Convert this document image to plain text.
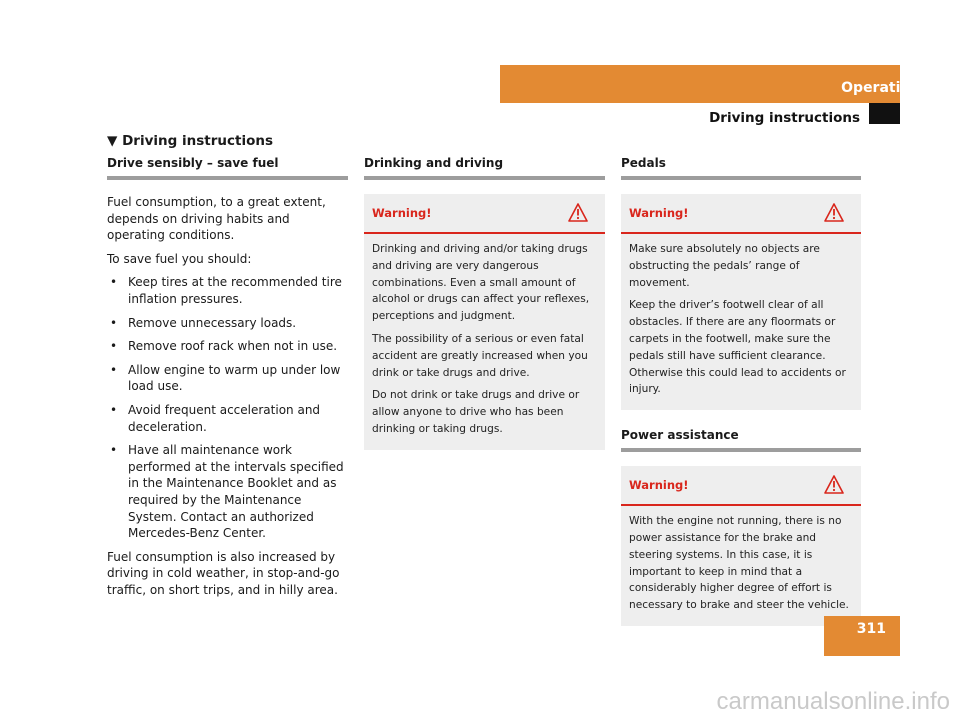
Operation
Driving instructions
▼ Driving instructions
Drive sensibly – save fuel

Fuel consumption, to a great extent, depends on driving habits and operating conditions.

To save fuel you should:

• Keep tires at the recommended tire inflation pressures.
• Remove unnecessary loads.
• Remove roof rack when not in use.
• Allow engine to warm up under low load use.
• Avoid frequent acceleration and deceleration.
• Have all maintenance work performed at the intervals specified in the Maintenance Booklet and as required by the Maintenance System. Contact an authorized Mercedes-Benz Center.

Fuel consumption is also increased by driving in cold weather, in stop-and-go traffic, on short trips, and in hilly area.

Drinking and driving
Warning!

Drinking and driving and/or taking drugs and driving are very dangerous combinations. Even a small amount of alcohol or drugs can affect your reflexes, perceptions and judgment.

The possibility of a serious or even fatal accident are greatly increased when you drink or take drugs and drive.

Do not drink or take drugs and drive or allow anyone to drive who has been drinking or taking drugs.

Pedals
Warning!

Make sure absolutely no objects are obstructing the pedals’ range of movement.

Keep the driver’s footwell clear of all obstacles. If there are any floormats or carpets in the footwell, make sure the pedals still have sufficient clearance. Otherwise this could lead to accidents or injury.

Power assistance
Warning!

With the engine not running, there is no power assistance for the brake and steering systems. In this case, it is important to keep in mind that a considerably higher degree of effort is necessary to brake and steer the vehicle.

311
carmanualsonline.info
